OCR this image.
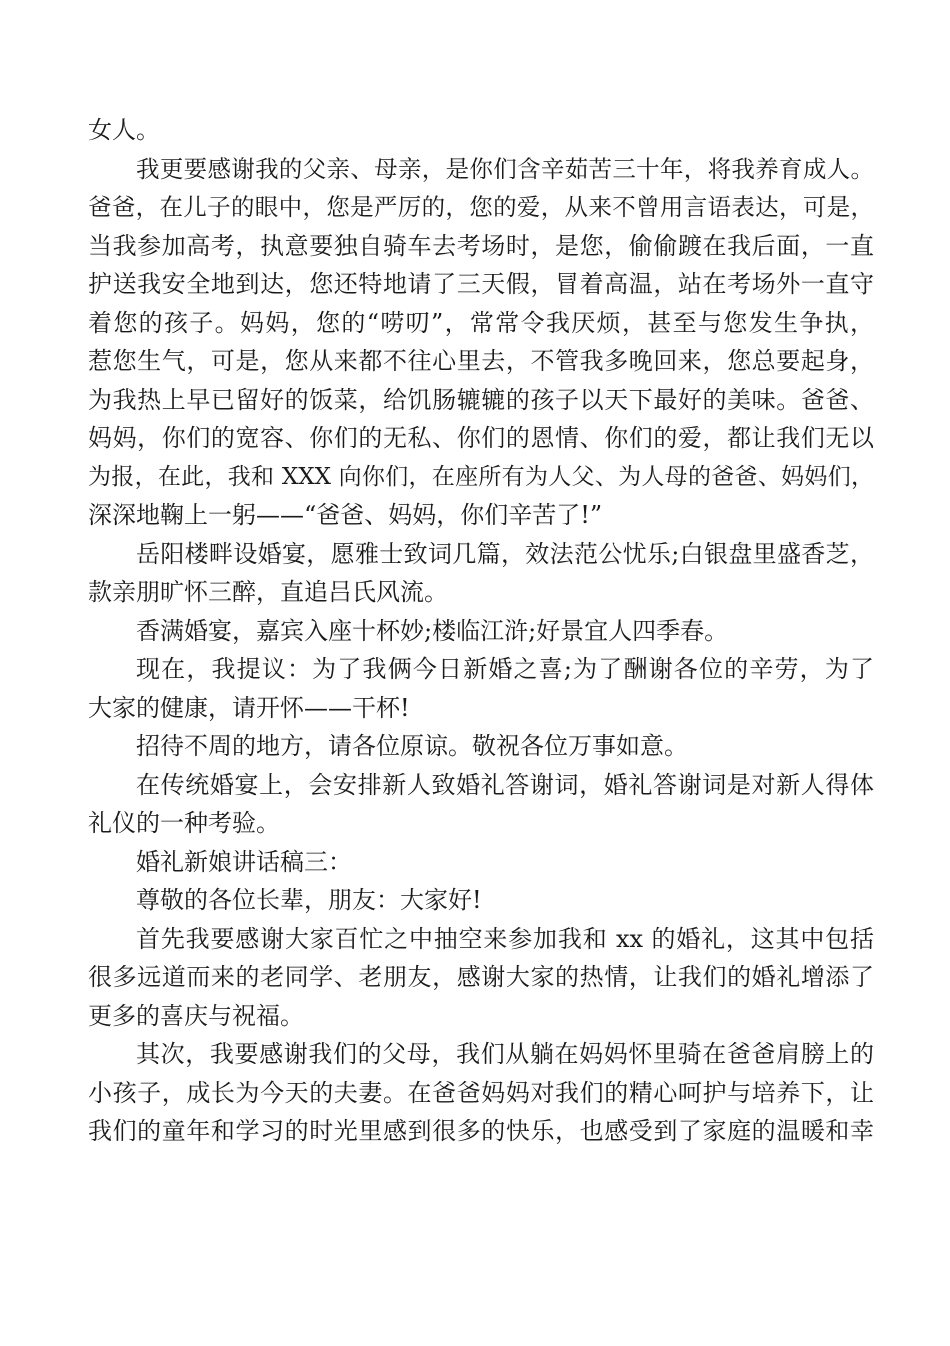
女人。
我更要感谢我的父亲、母亲，是你们含辛茹苦三十年，将我养育成人。
爸爸，在儿子的眼中，您是严厉的，您的爱，从来不曾用言语表达，可是，
当我参加高考，执意要独自骑车去考场时，是您，偷偷踱在我后面，一直
护送我安全地到达，您还特地请了三天假，冒着高温，站在考场外一直守
着您的孩子。妈妈，您的“唠叨”，常常令我厌烦，甚至与您发生争执，
惹您生气，可是，您从来都不往心里去，不管我多晚回来，您总要起身，
为我热上早已留好的饭菜，给饥肠辘辘的孩子以天下最好的美味。爸爸、
妈妈，你们的宽容、你们的无私、你们的恩情、你们的爱，都让我们无以
为报，在此，我和 XXX 向你们，在座所有为人父、为人母的爸爸、妈妈们，
深深地鞠上一躬——“爸爸、妈妈，你们辛苦了!”
岳阳楼畔设婚宴，愿雅士致词几篇，效法范公忧乐;白银盘里盛香芝，
款亲朋旷怀三醉，直追吕氏风流。
香满婚宴，嘉宾入座十杯妙;楼临江浒;好景宜人四季春。
现在，我提议：为了我俩今日新婚之喜;为了酬谢各位的辛劳，为了
大家的健康，请开怀——干杯!
招待不周的地方，请各位原谅。敬祝各位万事如意。
在传统婚宴上，会安排新人致婚礼答谢词，婚礼答谢词是对新人得体
礼仪的一种考验。
婚礼新娘讲话稿三：
尊敬的各位长辈，朋友：大家好!
首先我要感谢大家百忙之中抽空来参加我和 xx 的婚礼，这其中包括
很多远道而来的老同学、老朋友，感谢大家的热情，让我们的婚礼增添了
更多的喜庆与祝福。
其次，我要感谢我们的父母，我们从躺在妈妈怀里骑在爸爸肩膀上的
小孩子，成长为今天的夫妻。在爸爸妈妈对我们的精心呵护与培养下，让
我们的童年和学习的时光里感到很多的快乐，也感受到了家庭的温暖和幸
